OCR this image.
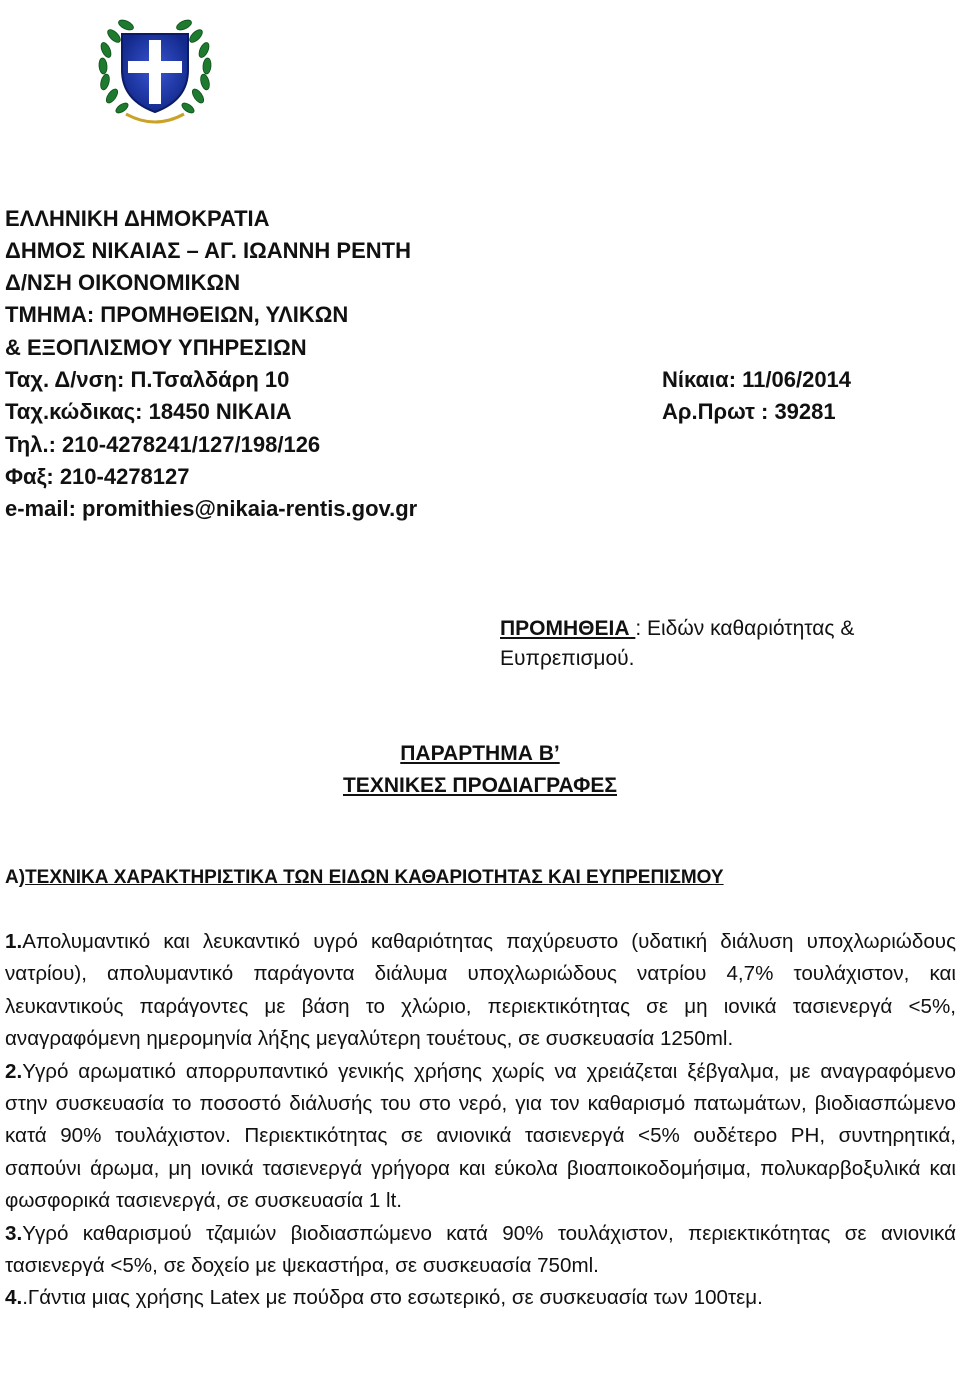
ΕΛΛΗΝΙΚΗ ΔΗΜΟΚΡΑΤΙΑ
ΔΗΜΟΣ ΝΙΚΑΙΑΣ – ΑΓ. ΙΩΑΝΝΗ ΡΕΝΤΗ
Δ/ΝΣΗ ΟΙΚΟΝΟΜΙΚΩΝ
ΤΜΗΜΑ: ΠΡΟΜΗΘΕΙΩΝ, ΥΛΙΚΩΝ
& ΕΞΟΠΛΙΣΜΟΥ ΥΠΗΡΕΣΙΩΝ
Ταχ. Δ/νση: Π.Τσαλδάρη 10
Ταχ.κώδικας: 18450 ΝΙΚΑΙΑ
Τηλ.: 210-4278241/127/198/126
Φαξ: 210-4278127
e-mail: promithies@nikaia-rentis.gov.gr
Νίκαια: 11/06/2014
Αρ.Πρωτ : 39281
ΠΡΟΜΗΘΕΙΑ : Ειδών καθαριότητας & Ευπρεπισμού.
ΠΑΡΑΡΤΗΜΑ Β’
ΤΕΧΝΙΚΕΣ ΠΡΟΔΙΑΓΡΑΦΕΣ
Α)ΤΕΧΝΙΚΑ ΧΑΡΑΚΤΗΡΙΣΤΙΚΑ ΤΩΝ ΕΙΔΩΝ ΚΑΘΑΡΙΟΤΗΤΑΣ ΚΑΙ ΕΥΠΡΕΠΙΣΜΟΥ

1.Απολυμαντικό και λευκαντικό υγρό καθαριότητας παχύρευστο (υδατική διάλυση υποχλωριώδους νατρίου), απολυμαντικό παράγοντα διάλυμα υποχλωριώδους νατρίου 4,7% τουλάχιστον, και λευκαντικούς παράγοντες με βάση το χλώριο, περιεκτικότητας σε μη ιονικά τασιενεργά <5%, αναγραφόμενη ημερομηνία λήξης μεγαλύτερη τουέτους, σε συσκευασία 1250ml.

2.Υγρό αρωματικό απορρυπαντικό γενικής χρήσης χωρίς να χρειάζεται ξέβγαλμα, με αναγραφόμενο στην συσκευασία το ποσοστό διάλυσής του στο νερό, για τον καθαρισμό πατωμάτων, βιοδιασπώμενο κατά 90% τουλάχιστον. Περιεκτικότητας σε ανιονικά τασιενεργά <5% ουδέτερο PH, συντηρητικά, σαπούνι άρωμα, μη ιονικά τασιενεργά γρήγορα και εύκολα βιοαποικοδομήσιμα, πολυκαρβοξυλικά και φωσφορικά τασιενεργά, σε συσκευασία 1 lt.

3.Υγρό καθαρισμού τζαμιών βιοδιασπώμενο κατά 90% τουλάχιστον, περιεκτικότητας σε ανιονικά τασιενεργά <5%, σε δοχείο με ψεκαστήρα, σε συσκευασία 750ml.

4..Γάντια μιας χρήσης Latex με πούδρα στο εσωτερικό, σε συσκευασία των 100τεμ.
